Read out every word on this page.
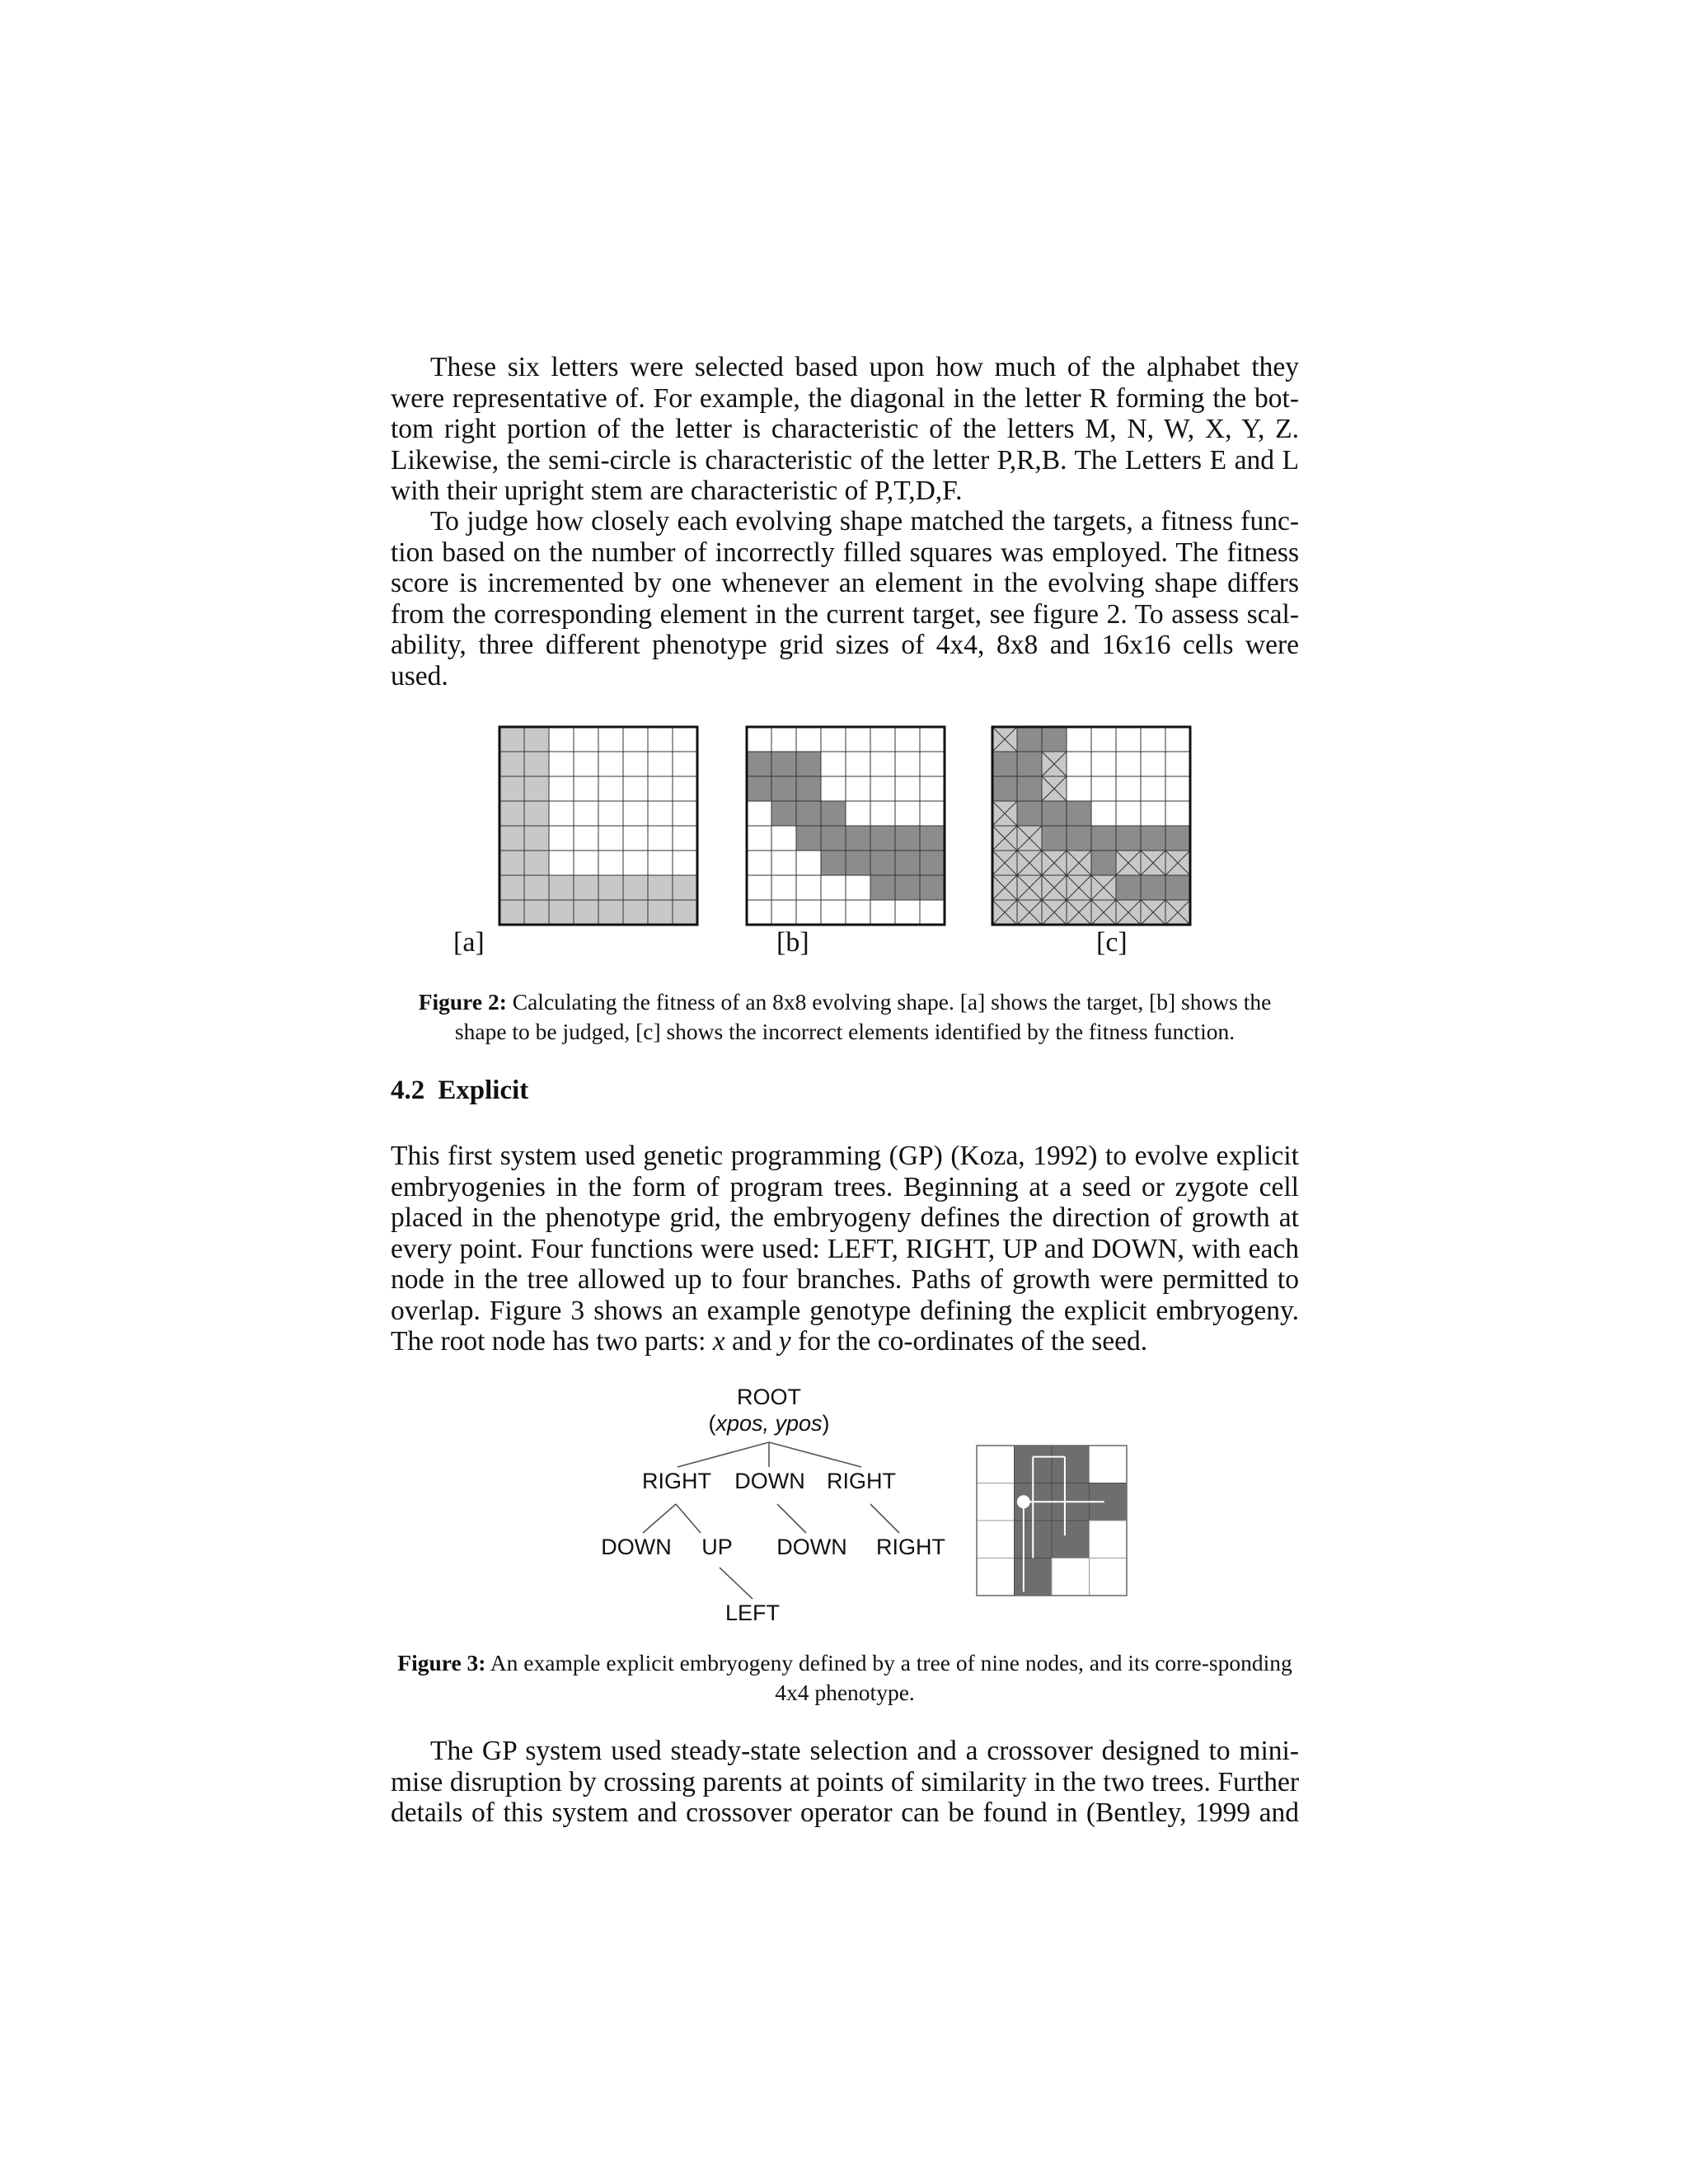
These six letters were selected based upon how much of the alphabet they
were representative of. For example, the diagonal in the letter R forming the bot-
tom right portion of the letter is characteristic of the letters M, N, W, X, Y, Z.
Likewise, the semi-circle is characteristic of the letter P,R,B. The Letters E and L
with their upright stem are characteristic of P,T,D,F.
To judge how closely each evolving shape matched the targets, a fitness func-
tion based on the number of incorrectly filled squares was employed. The fitness
score is incremented by one whenever an element in the evolving shape differs
from the corresponding element in the current target, see figure 2. To assess scal-
ability, three different phenotype grid sizes of 4x4, 8x8 and 16x16 cells were
used.
[a]	[b]	[c]

Figure 2: Calculating the fitness of an 8x8 evolving shape. [a] shows the target, [b] shows the shape to be judged, [c] shows the incorrect elements identified by the fitness function.

4.2 Explicit
This first system used genetic programming (GP) (Koza, 1992) to evolve explicit
embryogenies in the form of program trees. Beginning at a seed or zygote cell
placed in the phenotype grid, the embryogeny defines the direction of growth at
every point. Four functions were used: LEFT, RIGHT, UP and DOWN, with each
node in the tree allowed up to four branches. Paths of growth were permitted to
overlap. Figure 3 shows an example genotype defining the explicit embryogeny.
The root node has two parts: x and y for the co-ordinates of the seed.
ROOT
(xpos, ypos)
RIGHT DOWN RIGHT
DOWN UP DOWN RIGHT
LEFT

Figure 3: An example explicit embryogeny defined by a tree of nine nodes, and its corre-sponding 4x4 phenotype.

The GP system used steady-state selection and a crossover designed to mini-
mise disruption by crossing parents at points of similarity in the two trees. Further
details of this system and crossover operator can be found in (Bentley, 1999 and
